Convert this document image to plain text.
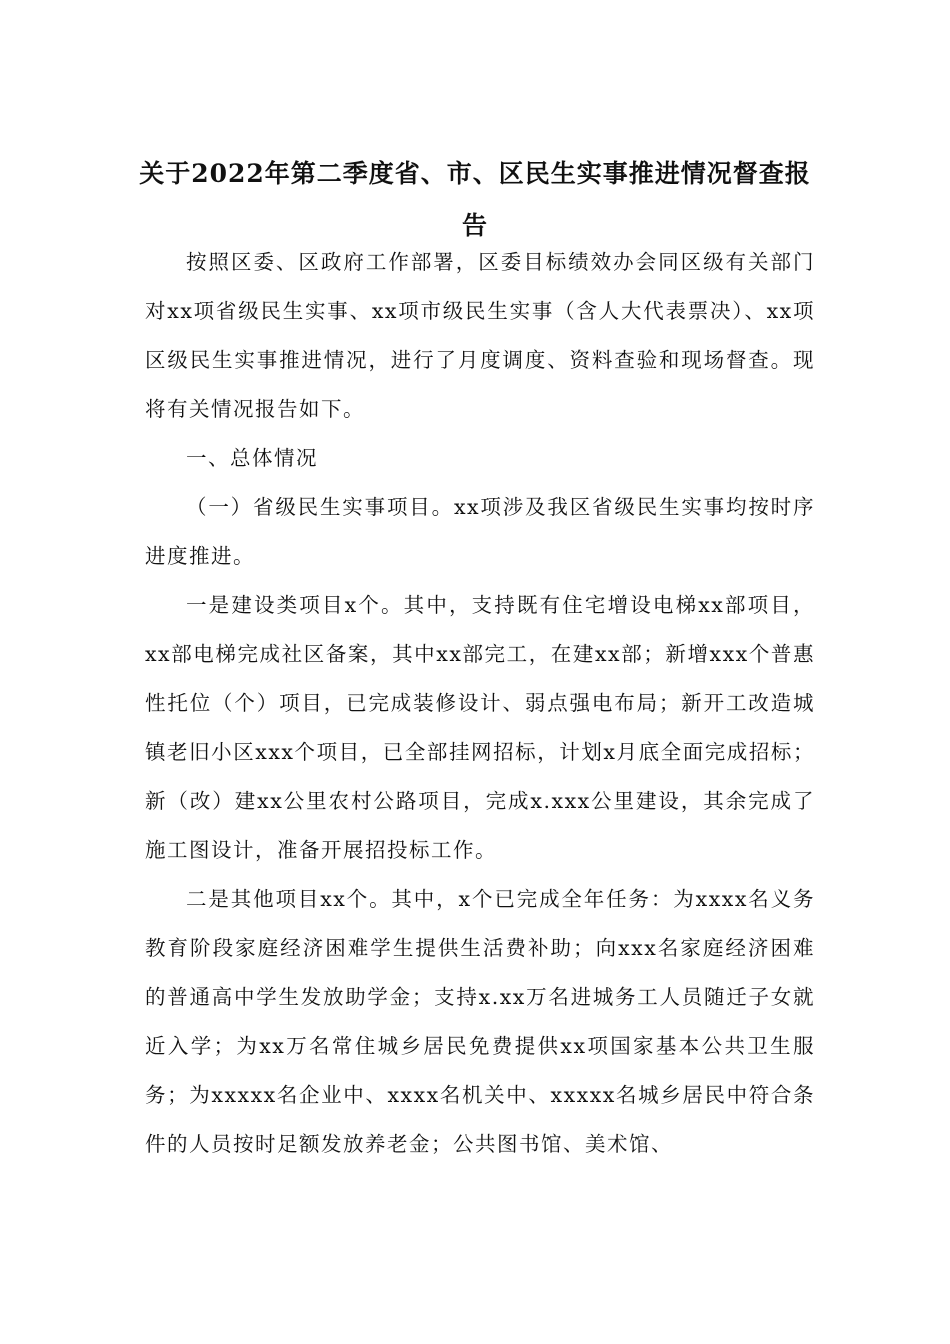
关于2022年第二季度省、市、区民生实事推进情况督查报告

按照区委、区政府工作部署，区委目标绩效办会同区级有关部门对xx项省级民生实事、xx项市级民生实事（含人大代表票决）、xx项区级民生实事推进情况，进行了月度调度、资料查验和现场督查。现将有关情况报告如下。

一、总体情况

（一）省级民生实事项目。xx项涉及我区省级民生实事均按时序进度推进。

一是建设类项目x个。其中，支持既有住宅增设电梯xx部项目，xx部电梯完成社区备案，其中xx部完工，在建xx部；新增xxx个普惠性托位（个）项目，已完成装修设计、弱点强电布局；新开工改造城镇老旧小区xxx个项目，已全部挂网招标，计划x月底全面完成招标；新（改）建xx公里农村公路项目，完成x.xxx公里建设，其余完成了施工图设计，准备开展招投标工作。

二是其他项目xx个。其中，x个已完成全年任务：为xxxx名义务教育阶段家庭经济困难学生提供生活费补助；向xxx名家庭经济困难的普通高中学生发放助学金；支持x.xx万名进城务工人员随迁子女就近入学；为xx万名常住城乡居民免费提供xx项国家基本公共卫生服务；为xxxxx名企业中、xxxx名机关中、xxxxx名城乡居民中符合条件的人员按时足额发放养老金；公共图书馆、美术馆、
